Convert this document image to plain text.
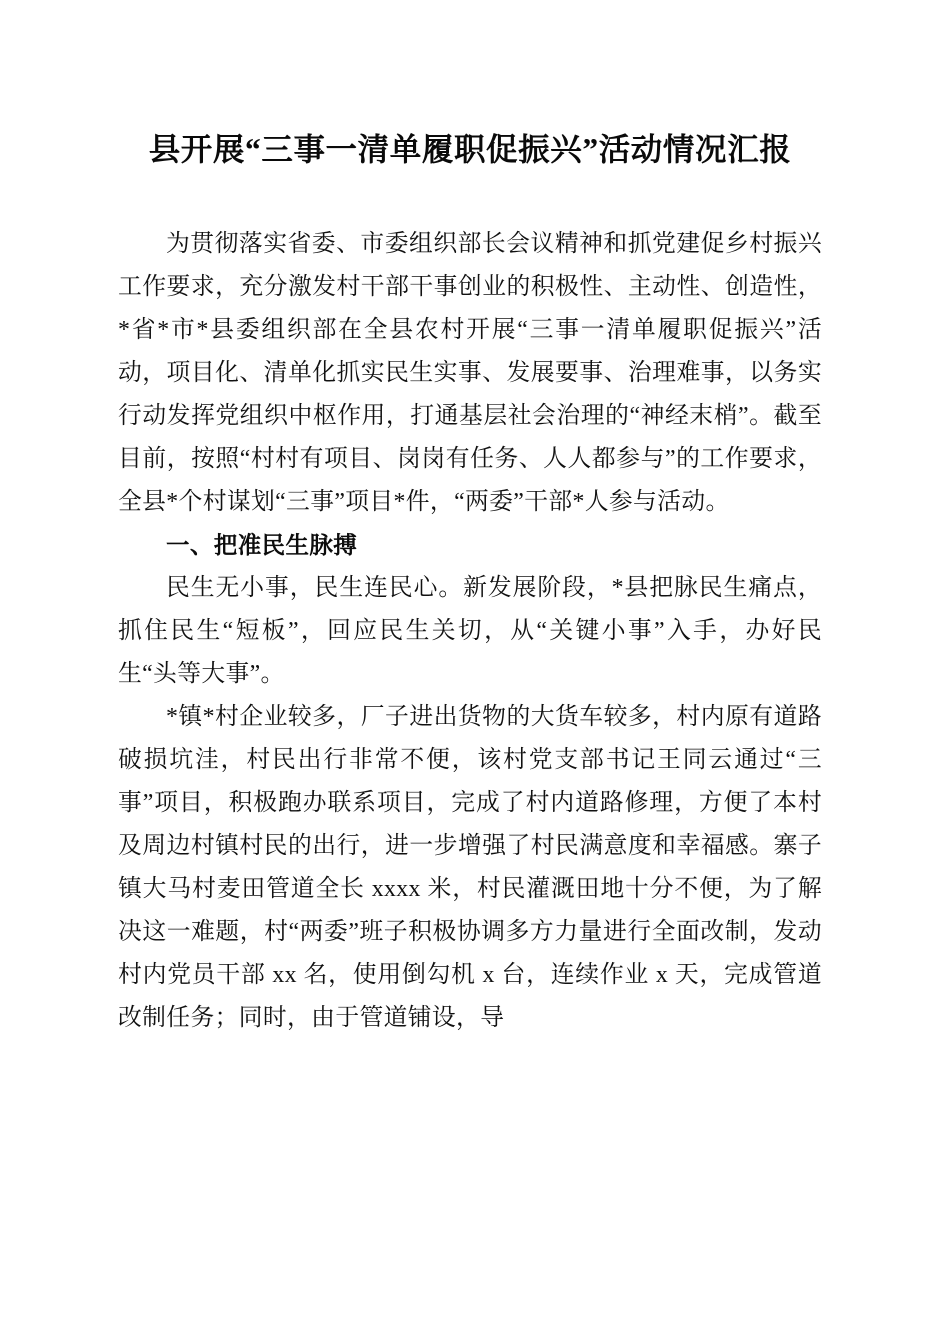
县开展“三事一清单履职促振兴”活动情况汇报

为贯彻落实省委、市委组织部长会议精神和抓党建促乡村振兴工作要求，充分激发村干部干事创业的积极性、主动性、创造性，*省*市*县委组织部在全县农村开展“三事一清单履职促振兴”活动，项目化、清单化抓实民生实事、发展要事、治理难事，以务实行动发挥党组织中枢作用，打通基层社会治理的“神经末梢”。截至目前，按照“村村有项目、岗岗有任务、人人都参与”的工作要求，全县*个村谋划“三事”项目*件，“两委”干部*人参与活动。

一、把准民生脉搏

民生无小事，民生连民心。新发展阶段，*县把脉民生痛点，抓住民生“短板”，回应民生关切，从“关键小事”入手，办好民生“头等大事”。

*镇*村企业较多，厂子进出货物的大货车较多，村内原有道路破损坑洼，村民出行非常不便，该村党支部书记王同云通过“三事”项目，积极跑办联系项目，完成了村内道路修理，方便了本村及周边村镇村民的出行，进一步增强了村民满意度和幸福感。寨子镇大马村麦田管道全长 xxxx 米，村民灌溉田地十分不便，为了解决这一难题，村“两委”班子积极协调多方力量进行全面改制，发动村内党员干部 xx 名，使用倒勾机 x 台，连续作业 x 天，完成管道改制任务；同时，由于管道铺设，导
